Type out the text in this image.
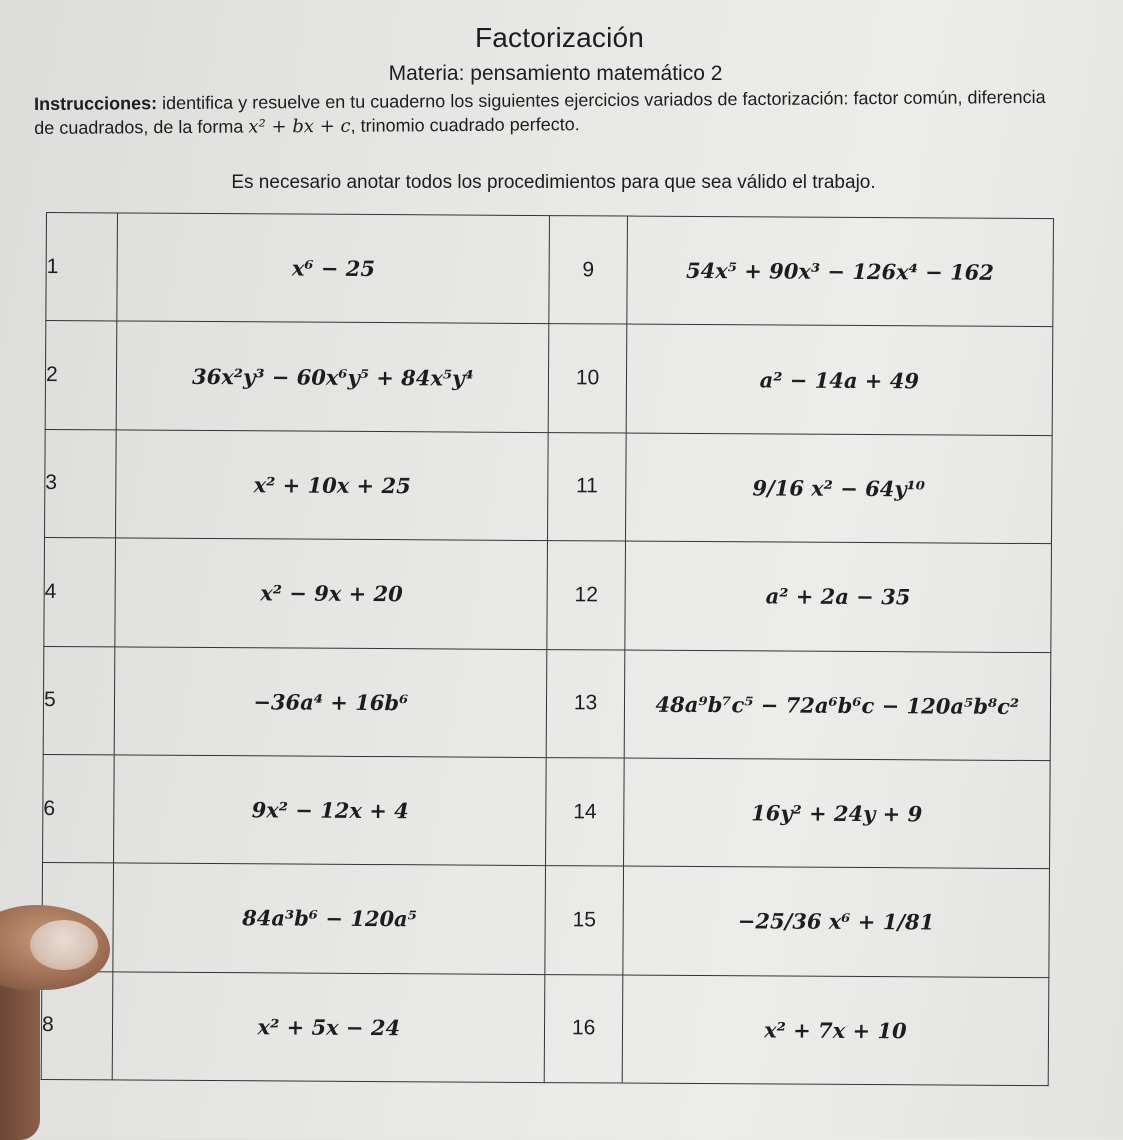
Factorización
Materia: pensamiento matemático 2
Instrucciones: identifica y resuelve en tu cuaderno los siguientes ejercicios variados de factorización: factor común, diferencia de cuadrados, de la forma x² + bx + c, trinomio cuadrado perfecto.
Es necesario anotar todos los procedimientos para que sea válido el trabajo.
1	x⁶ − 25	9	54x⁵ + 90x³ − 126x⁴ − 162
2	36x²y³ − 60x⁶y⁵ + 84x⁵y⁴	10	a² − 14a + 49
3	x² + 10x + 25	11	9/16 x² − 64y¹⁰
4	x² − 9x + 20	12	a² + 2a − 35
5	−36a⁴ + 16b⁶	13	48a⁹b⁷c⁵ − 72a⁶b⁶c − 120a⁵b⁸c²
6	9x² − 12x + 4	14	16y² + 24y + 9
	84a³b⁶ − 120a⁵	15	−25/36 x⁶ + 1/81
8	x² + 5x − 24	16	x² + 7x + 10
